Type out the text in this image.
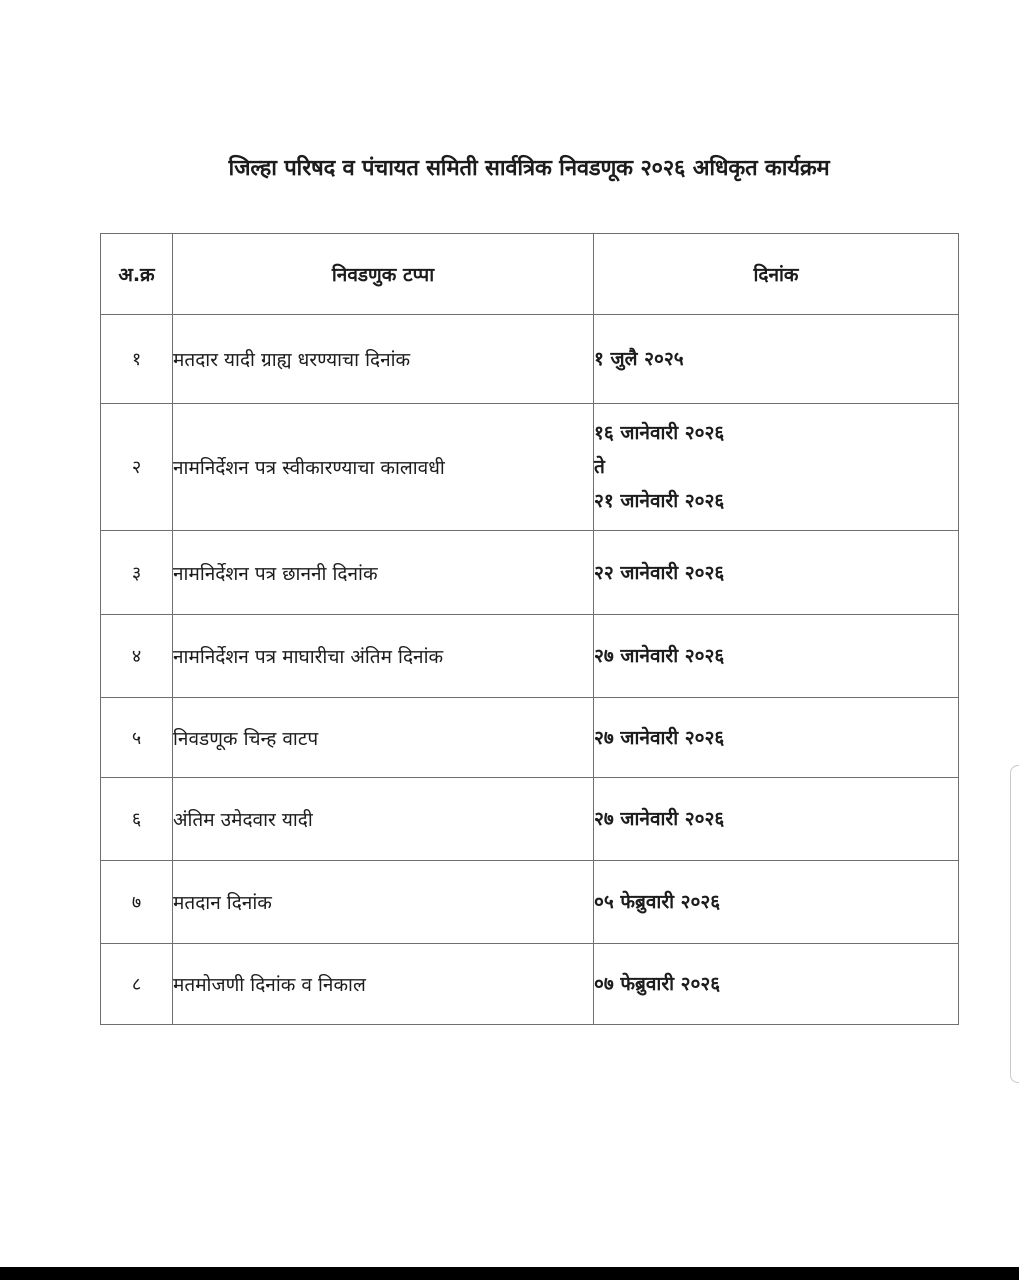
जिल्हा परिषद व पंचायत समिती सार्वत्रिक निवडणूक २०२६ अधिकृत कार्यक्रम
अ.क्र	निवडणुक टप्पा	दिनांक
१	मतदार यादी ग्राह्य धरण्याचा दिनांक	१ जुलै २०२५
२	नामनिर्देशन पत्र स्वीकारण्याचा कालावधी	१६ जानेवारी २०२६
ते
२१ जानेवारी २०२६

३	नामनिर्देशन पत्र छाननी दिनांक	२२ जानेवारी २०२६
४	नामनिर्देशन पत्र माघारीचा अंतिम दिनांक	२७ जानेवारी २०२६
५	निवडणूक चिन्ह वाटप	२७ जानेवारी २०२६
६	अंतिम उमेदवार यादी	२७ जानेवारी २०२६
७	मतदान दिनांक	०५ फेब्रुवारी २०२६
८	मतमोजणी दिनांक व निकाल	०७ फेब्रुवारी २०२६
